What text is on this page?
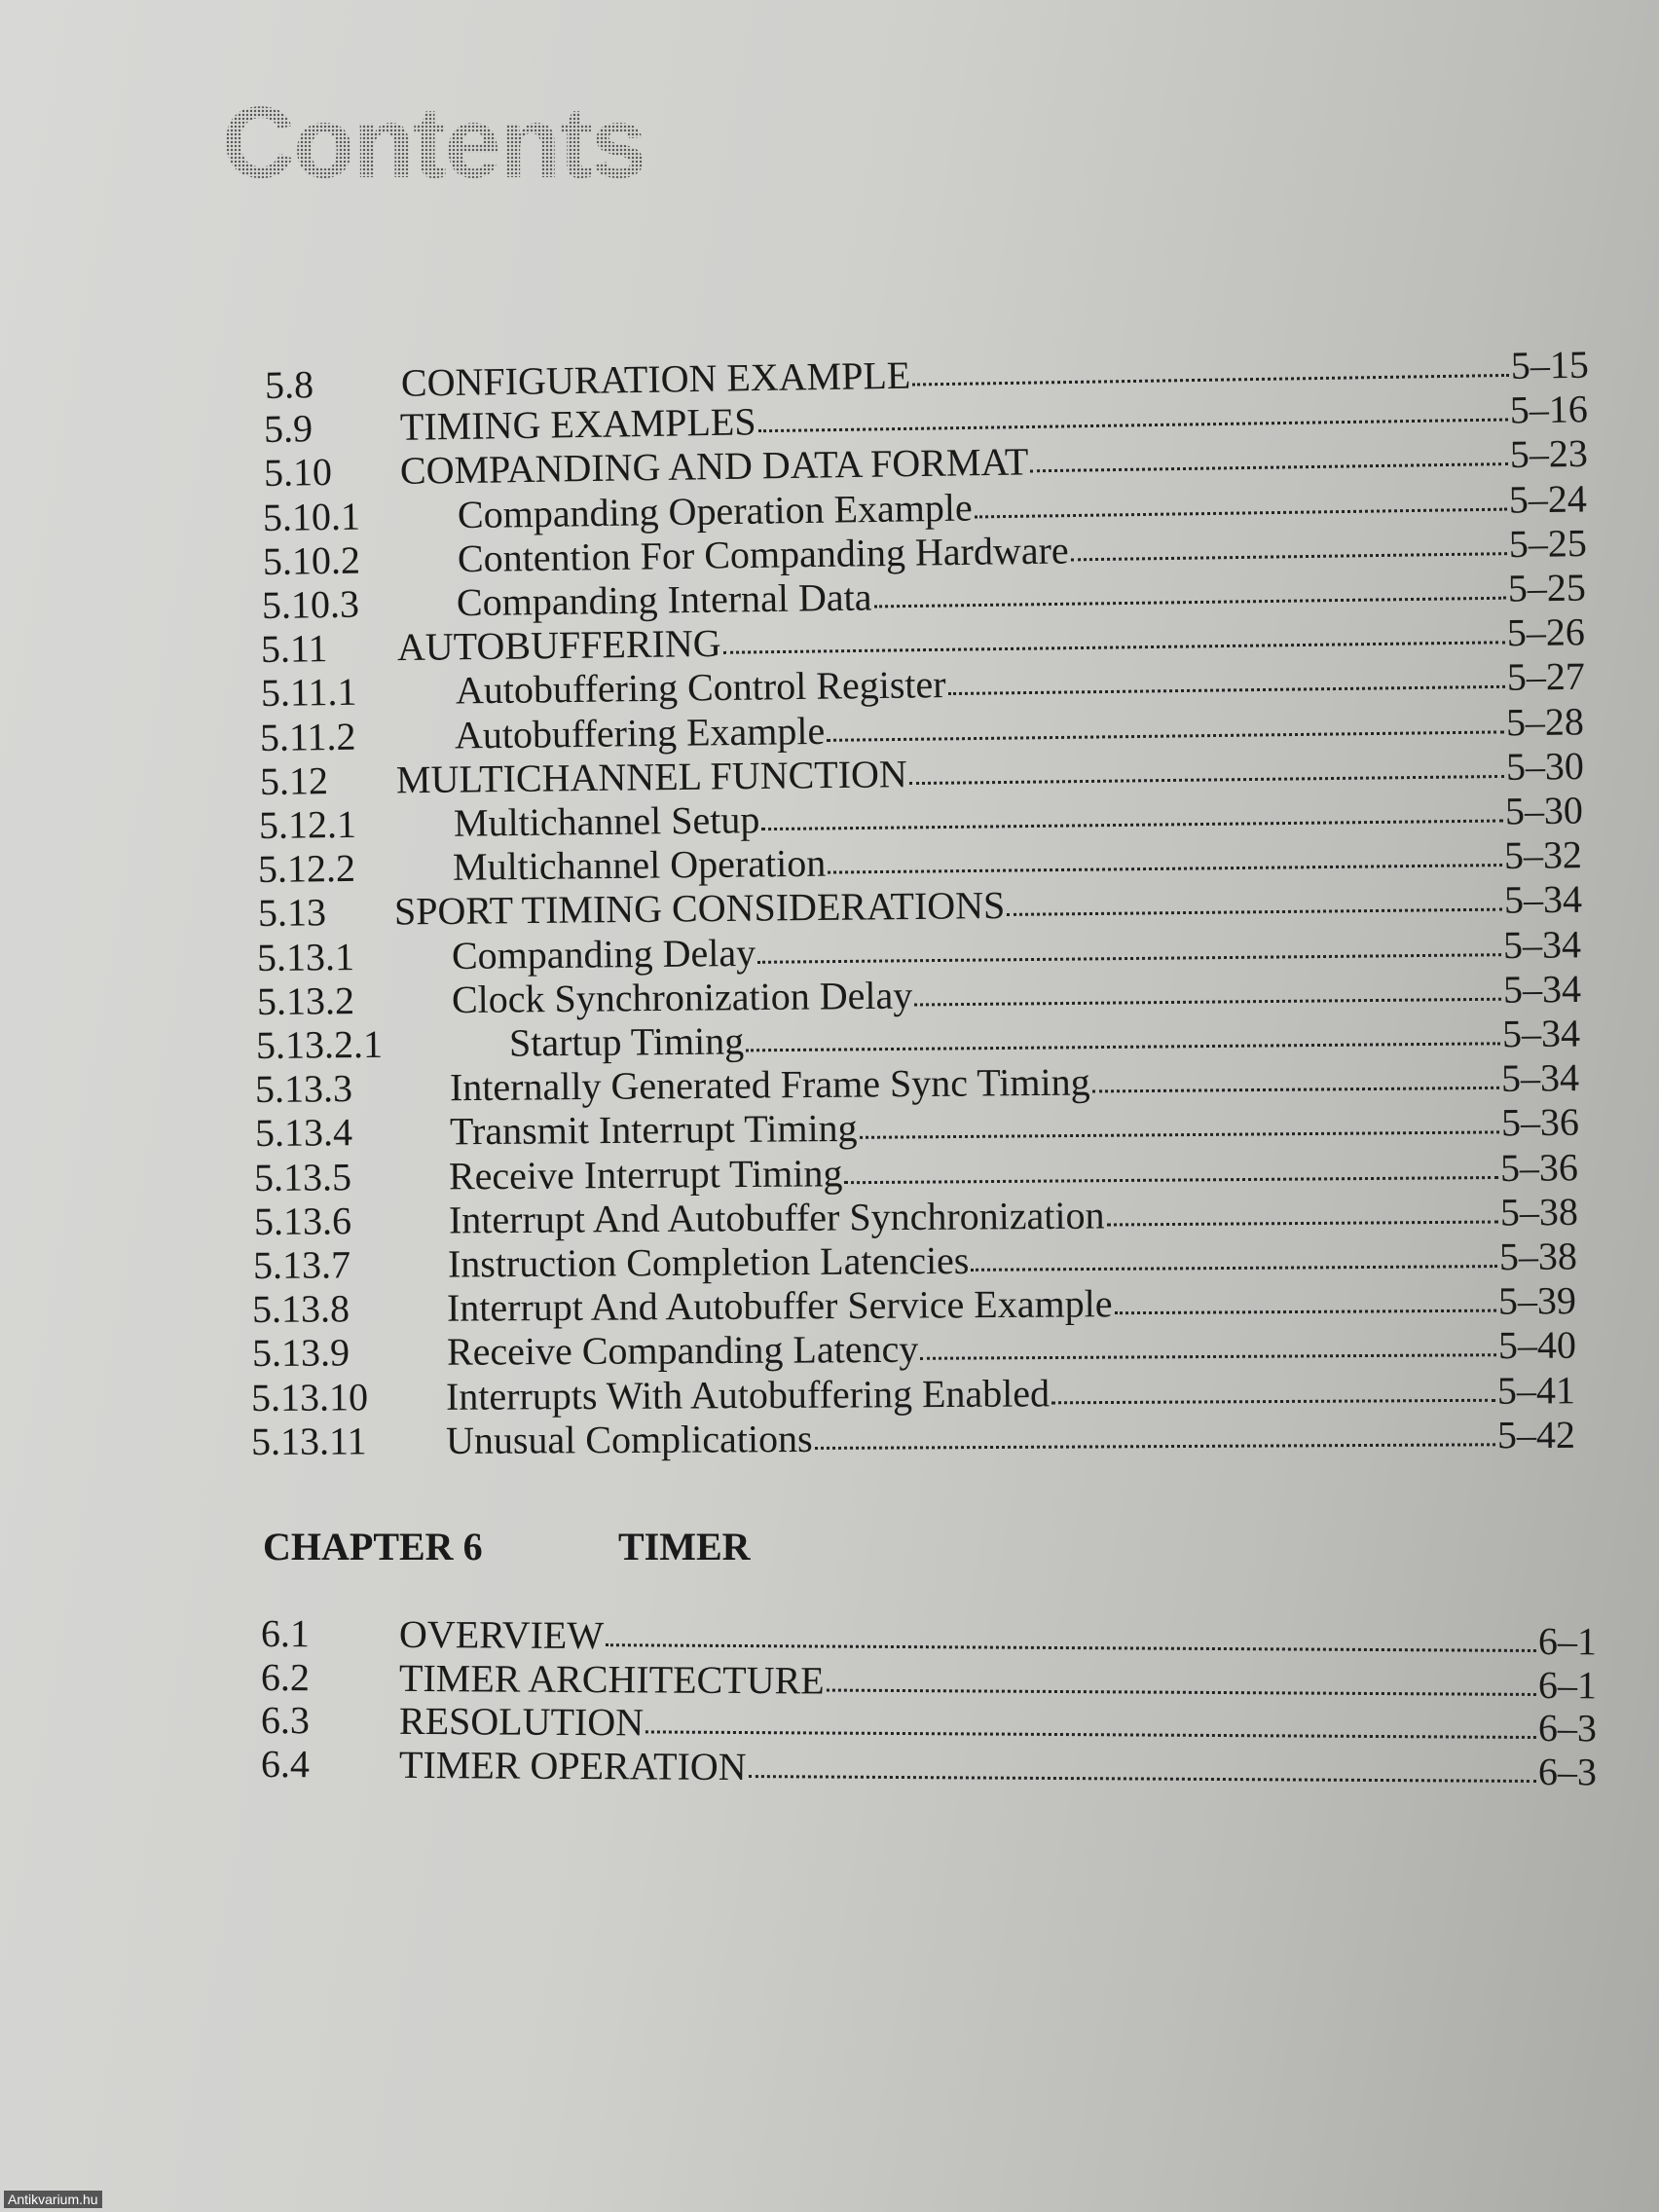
Contents
5.8	CONFIGURATION EXAMPLE	5–15
5.9	TIMING EXAMPLES	5–16
5.10	COMPANDING AND DATA FORMAT	5–23
5.10.1	Companding Operation Example	5–24
5.10.2	Contention For Companding Hardware	5–25
5.10.3	Companding Internal Data	5–25
5.11	AUTOBUFFERING	5–26
5.11.1	Autobuffering Control Register	5–27
5.11.2	Autobuffering Example	5–28
5.12	MULTICHANNEL FUNCTION	5–30
5.12.1	Multichannel Setup	5–30
5.12.2	Multichannel Operation	5–32
5.13	SPORT TIMING CONSIDERATIONS	5–34
5.13.1	Companding Delay	5–34
5.13.2	Clock Synchronization Delay	5–34
5.13.2.1	Startup Timing	5–34
5.13.3	Internally Generated Frame Sync Timing	5–34
5.13.4	Transmit Interrupt Timing	5–36
5.13.5	Receive Interrupt Timing	5–36
5.13.6	Interrupt And Autobuffer Synchronization	5–38
5.13.7	Instruction Completion Latencies	5–38
5.13.8	Interrupt And Autobuffer Service Example	5–39
5.13.9	Receive Companding Latency	5–40
5.13.10	Interrupts With Autobuffering Enabled	5–41
5.13.11	Unusual Complications	5–42
CHAPTER 6	TIMER
6.1	OVERVIEW	6–1
6.2	TIMER ARCHITECTURE	6–1
6.3	RESOLUTION	6–3
6.4	TIMER OPERATION	6–3
Antikvarium.hu
